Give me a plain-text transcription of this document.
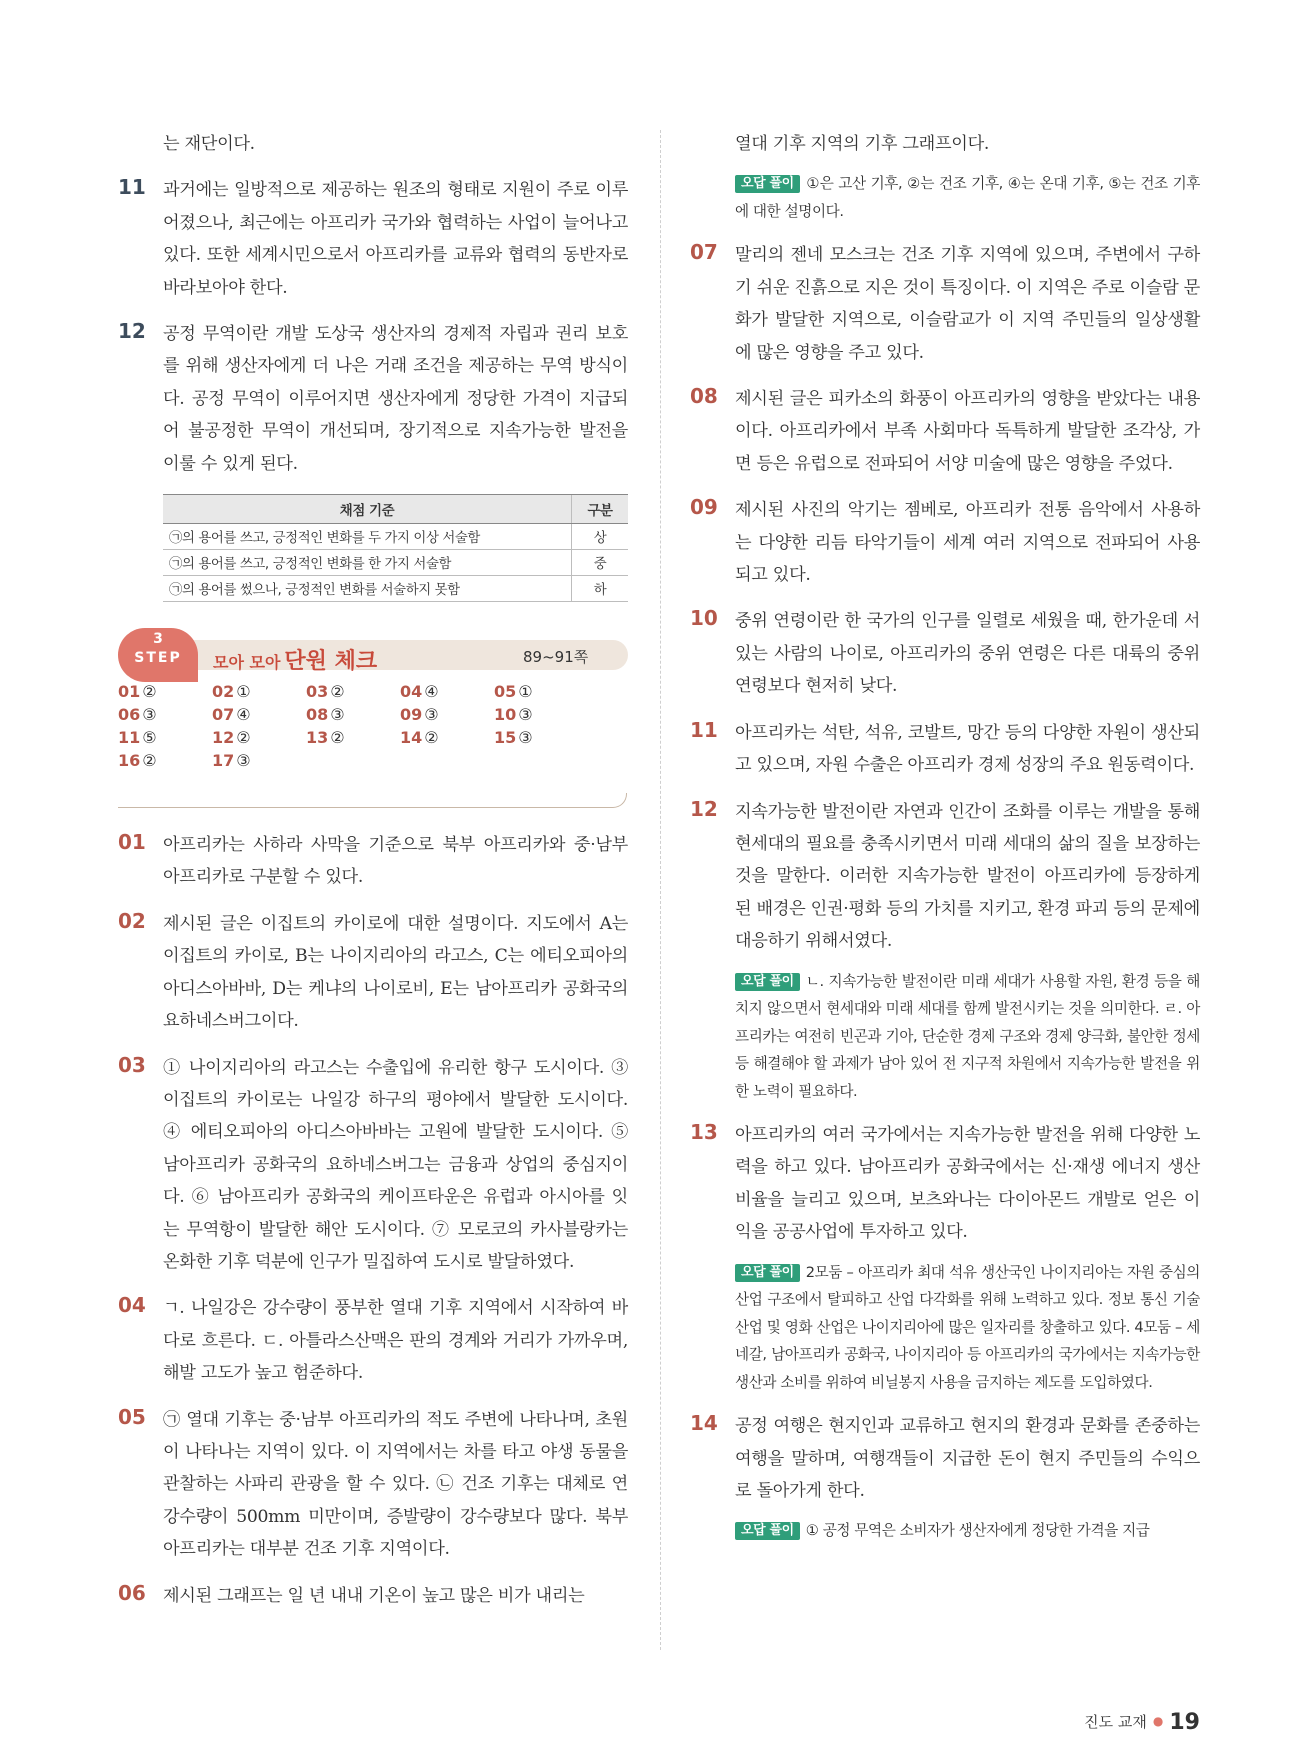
는 재단이다.
11 과거에는 일방적으로 제공하는 원조의 형태로 지원이 주로 이루어졌으나, 최근에는 아프리카 국가와 협력하는 사업이 늘어나고 있다. 또한 세계시민으로서 아프리카를 교류와 협력의 동반자로 바라보아야 한다.
12 공정 무역이란 개발 도상국 생산자의 경제적 자립과 권리 보호를 위해 생산자에게 더 나은 거래 조건을 제공하는 무역 방식이다. 공정 무역이 이루어지면 생산자에게 정당한 가격이 지급되어 불공정한 무역이 개선되며, 장기적으로 지속가능한 발전을 이룰 수 있게 된다.
채점 기준	구분
㉠의 용어를 쓰고, 긍정적인 변화를 두 가지 이상 서술함	상
㉠의 용어를 쓰고, 긍정적인 변화를 한 가지 서술함	중
㉠의 용어를 썼으나, 긍정적인 변화를 서술하지 못함	하
3
STEP	모아 모아 단원 체크	89~91쪽
01 ②	02 ①	03 ②	04 ④	05 ①
06 ③	07 ④	08 ③	09 ③	10 ③
11 ⑤	12 ②	13 ②	14 ②	15 ③
16 ②	17 ③
01 아프리카는 사하라 사막을 기준으로 북부 아프리카와 중·남부 아프리카로 구분할 수 있다.
02 제시된 글은 이집트의 카이로에 대한 설명이다. 지도에서 A는 이집트의 카이로, B는 나이지리아의 라고스, C는 에티오피아의 아디스아바바, D는 케냐의 나이로비, E는 남아프리카 공화국의 요하네스버그이다.
03 ① 나이지리아의 라고스는 수출입에 유리한 항구 도시이다. ③ 이집트의 카이로는 나일강 하구의 평야에서 발달한 도시이다. ④ 에티오피아의 아디스아바바는 고원에 발달한 도시이다. ⑤ 남아프리카 공화국의 요하네스버그는 금융과 상업의 중심지이다. ⑥ 남아프리카 공화국의 케이프타운은 유럽과 아시아를 잇는 무역항이 발달한 해안 도시이다. ⑦ 모로코의 카사블랑카는 온화한 기후 덕분에 인구가 밀집하여 도시로 발달하였다.
04 ㄱ. 나일강은 강수량이 풍부한 열대 기후 지역에서 시작하여 바다로 흐른다. ㄷ. 아틀라스산맥은 판의 경계와 거리가 가까우며, 해발 고도가 높고 험준하다.
05 ㉠ 열대 기후는 중·남부 아프리카의 적도 주변에 나타나며, 초원이 나타나는 지역이 있다. 이 지역에서는 차를 타고 야생 동물을 관찰하는 사파리 관광을 할 수 있다. ㉡ 건조 기후는 대체로 연 강수량이 500mm 미만이며, 증발량이 강수량보다 많다. 북부 아프리카는 대부분 건조 기후 지역이다.
06 제시된 그래프는 일 년 내내 기온이 높고 많은 비가 내리는
열대 기후 지역의 기후 그래프이다.
오답 풀이 ①은 고산 기후, ②는 건조 기후, ④는 온대 기후, ⑤는 건조 기후에 대한 설명이다.
07 말리의 젠네 모스크는 건조 기후 지역에 있으며, 주변에서 구하기 쉬운 진흙으로 지은 것이 특징이다. 이 지역은 주로 이슬람 문화가 발달한 지역으로, 이슬람교가 이 지역 주민들의 일상생활에 많은 영향을 주고 있다.
08 제시된 글은 피카소의 화풍이 아프리카의 영향을 받았다는 내용이다. 아프리카에서 부족 사회마다 독특하게 발달한 조각상, 가면 등은 유럽으로 전파되어 서양 미술에 많은 영향을 주었다.
09 제시된 사진의 악기는 젬베로, 아프리카 전통 음악에서 사용하는 다양한 리듬 타악기들이 세계 여러 지역으로 전파되어 사용되고 있다.
10 중위 연령이란 한 국가의 인구를 일렬로 세웠을 때, 한가운데 서 있는 사람의 나이로, 아프리카의 중위 연령은 다른 대륙의 중위 연령보다 현저히 낮다.
11 아프리카는 석탄, 석유, 코발트, 망간 등의 다양한 자원이 생산되고 있으며, 자원 수출은 아프리카 경제 성장의 주요 원동력이다.
12 지속가능한 발전이란 자연과 인간이 조화를 이루는 개발을 통해 현세대의 필요를 충족시키면서 미래 세대의 삶의 질을 보장하는 것을 말한다. 이러한 지속가능한 발전이 아프리카에 등장하게 된 배경은 인권·평화 등의 가치를 지키고, 환경 파괴 등의 문제에 대응하기 위해서였다.
오답 풀이 ㄴ. 지속가능한 발전이란 미래 세대가 사용할 자원, 환경 등을 해치지 않으면서 현세대와 미래 세대를 함께 발전시키는 것을 의미한다. ㄹ. 아프리카는 여전히 빈곤과 기아, 단순한 경제 구조와 경제 양극화, 불안한 정세 등 해결해야 할 과제가 남아 있어 전 지구적 차원에서 지속가능한 발전을 위한 노력이 필요하다.
13 아프리카의 여러 국가에서는 지속가능한 발전을 위해 다양한 노력을 하고 있다. 남아프리카 공화국에서는 신·재생 에너지 생산 비율을 늘리고 있으며, 보츠와나는 다이아몬드 개발로 얻은 이익을 공공사업에 투자하고 있다.
오답 풀이 2모둠 – 아프리카 최대 석유 생산국인 나이지리아는 자원 중심의 산업 구조에서 탈피하고 산업 다각화를 위해 노력하고 있다. 정보 통신 기술 산업 및 영화 산업은 나이지리아에 많은 일자리를 창출하고 있다. 4모둠 – 세네갈, 남아프리카 공화국, 나이지리아 등 아프리카의 국가에서는 지속가능한 생산과 소비를 위하여 비닐봉지 사용을 금지하는 제도를 도입하였다.
14 공정 여행은 현지인과 교류하고 현지의 환경과 문화를 존중하는 여행을 말하며, 여행객들이 지급한 돈이 현지 주민들의 수익으로 돌아가게 한다.
오답 풀이 ① 공정 무역은 소비자가 생산자에게 정당한 가격을 지급
진도 교재 ● 19
